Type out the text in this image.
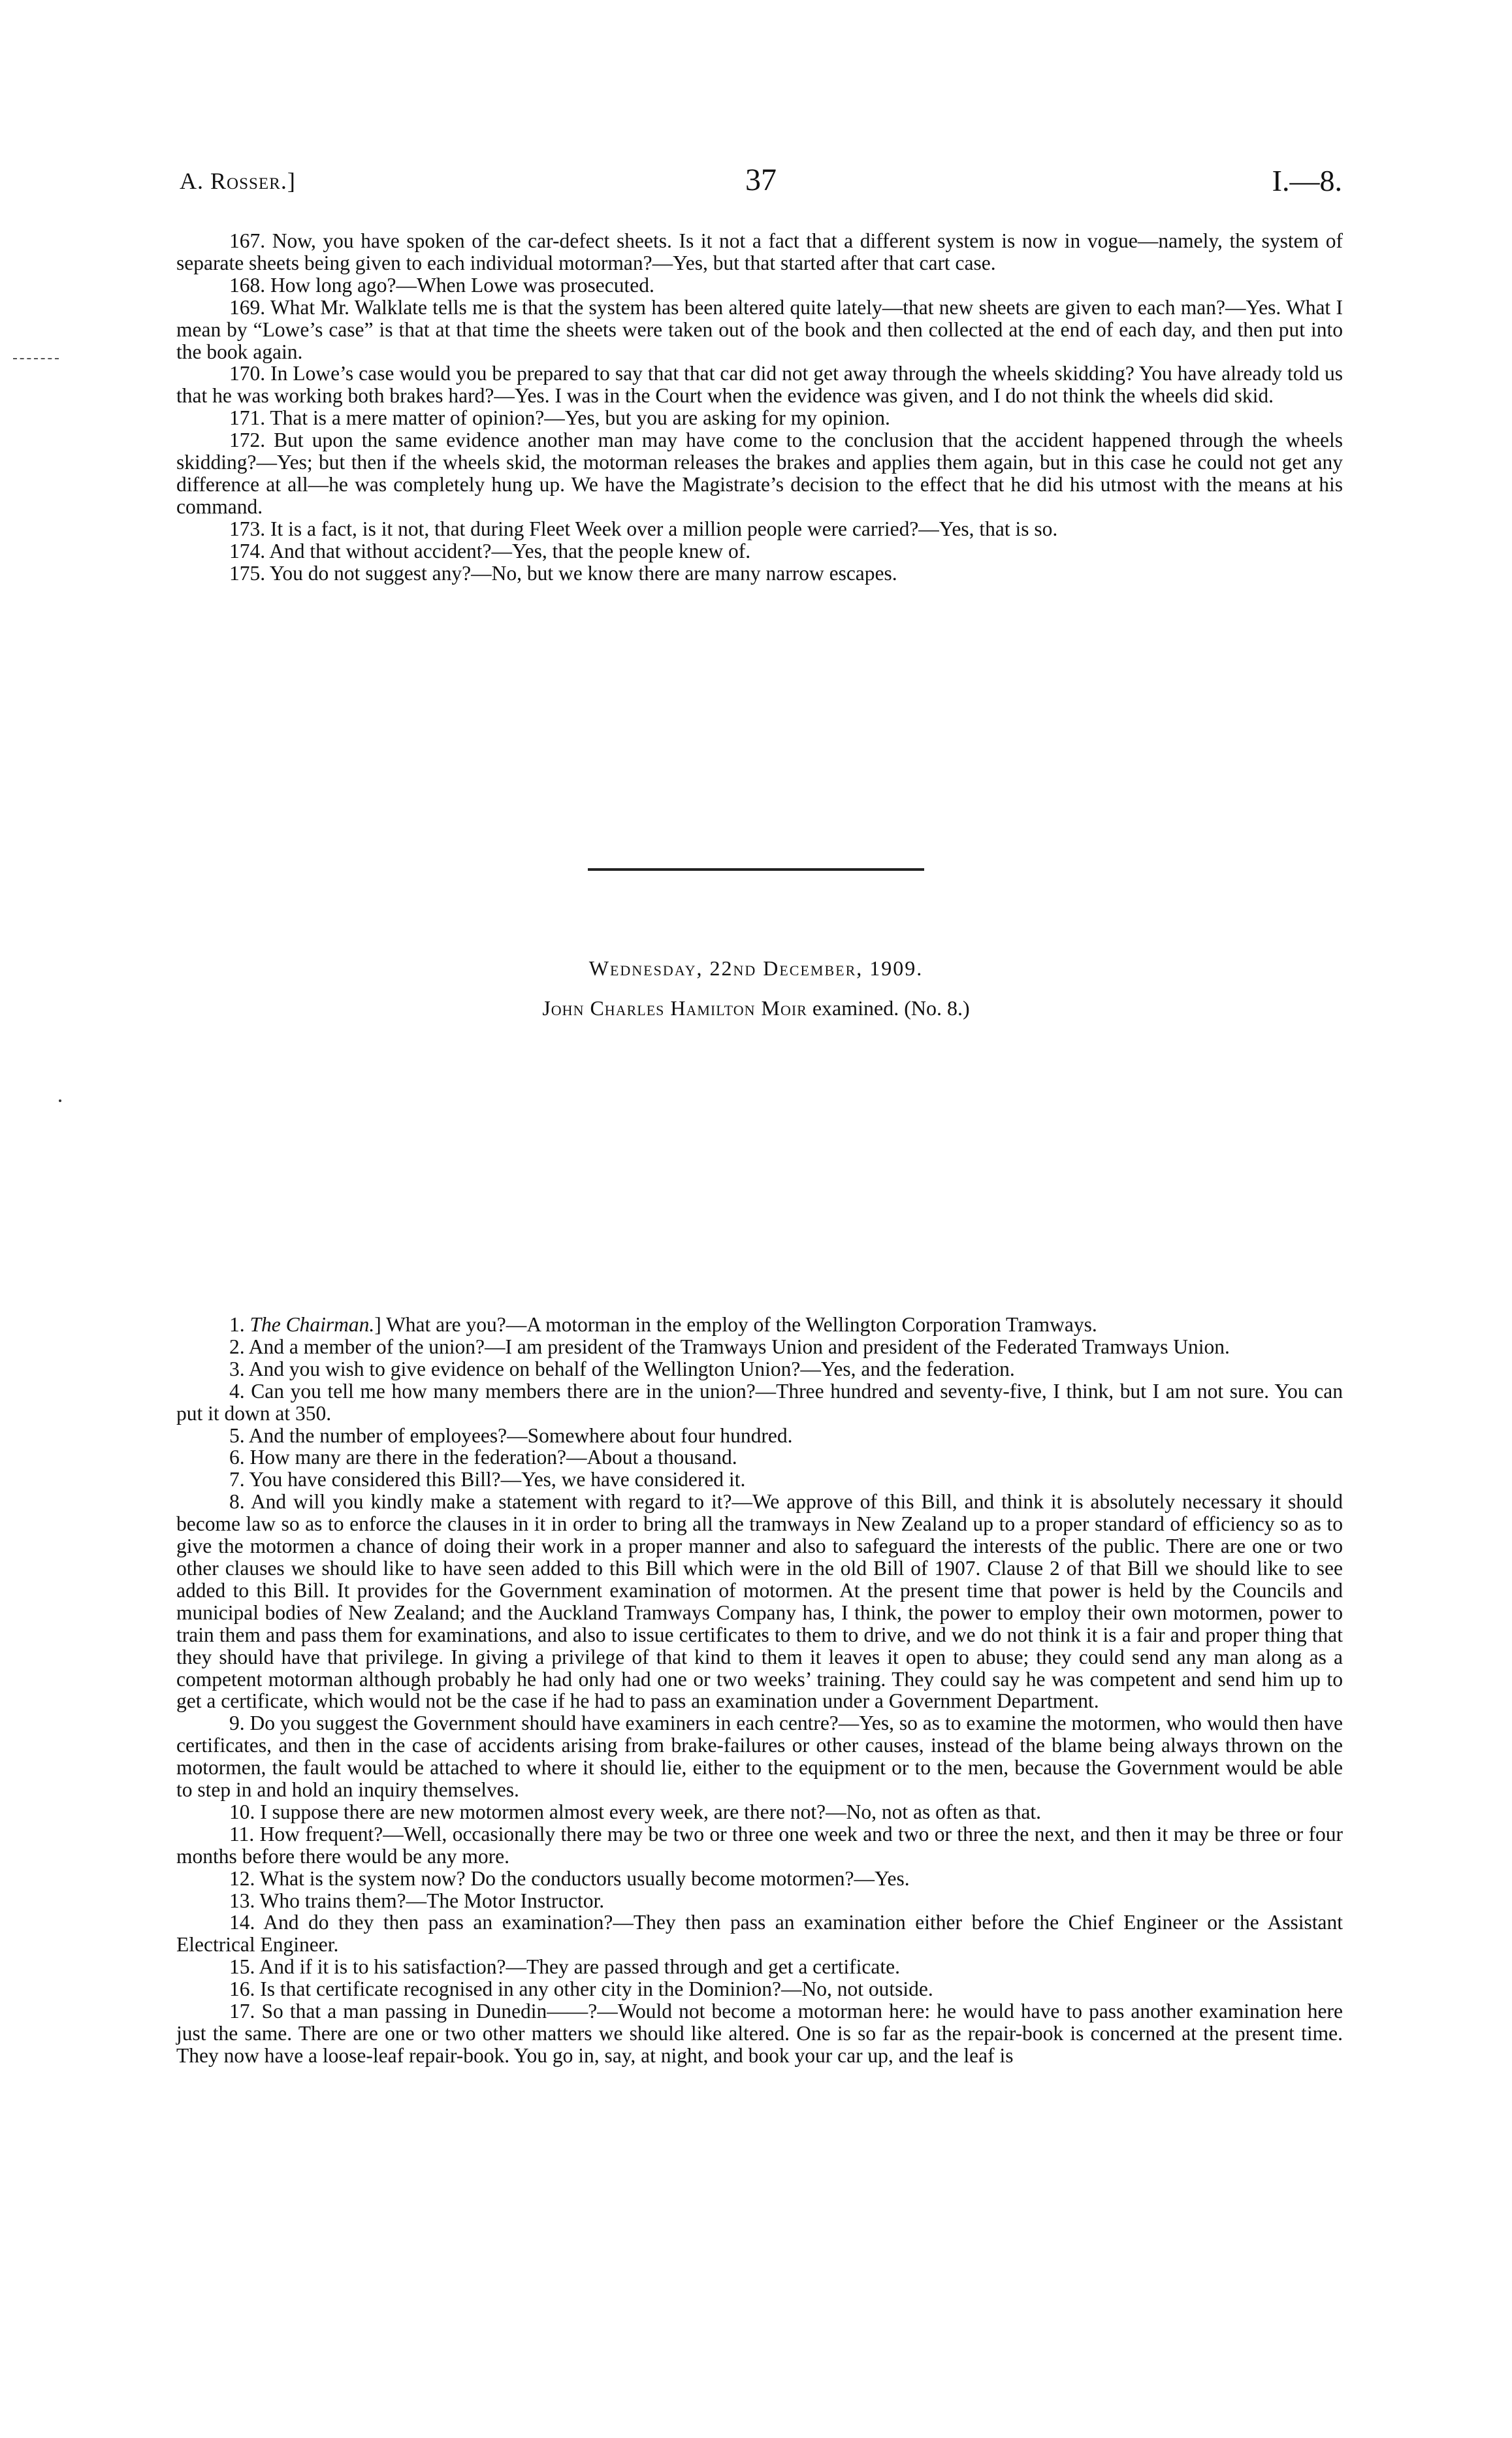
A. Rosser.]	37	I.—8.

167. Now, you have spoken of the car-defect sheets. Is it not a fact that a different system is now in vogue—namely, the system of separate sheets being given to each individual motorman?—Yes, but that started after that cart case.

168. How long ago?—When Lowe was prosecuted.

169. What Mr. Walklate tells me is that the system has been altered quite lately—that new sheets are given to each man?—Yes. What I mean by “Lowe’s case” is that at that time the sheets were taken out of the book and then collected at the end of each day, and then put into the book again.

170. In Lowe’s case would you be prepared to say that that car did not get away through the wheels skidding? You have already told us that he was working both brakes hard?—Yes. I was in the Court when the evidence was given, and I do not think the wheels did skid.

171. That is a mere matter of opinion?—Yes, but you are asking for my opinion.

172. But upon the same evidence another man may have come to the conclusion that the accident happened through the wheels skidding?—Yes; but then if the wheels skid, the motorman releases the brakes and applies them again, but in this case he could not get any difference at all—he was completely hung up. We have the Magistrate’s decision to the effect that he did his utmost with the means at his command.

173. It is a fact, is it not, that during Fleet Week over a million people were carried?—Yes, that is so.

174. And that without accident?—Yes, that the people knew of.

175. You do not suggest any?—No, but we know there are many narrow escapes.

Wednesday, 22nd December, 1909.
John Charles Hamilton Moir examined. (No. 8.)

1. The Chairman.] What are you?—A motorman in the employ of the Wellington Corporation Tramways.

2. And a member of the union?—I am president of the Tramways Union and president of the Federated Tramways Union.

3. And you wish to give evidence on behalf of the Wellington Union?—Yes, and the federation.

4. Can you tell me how many members there are in the union?—Three hundred and seventy-five, I think, but I am not sure. You can put it down at 350.

5. And the number of employees?—Somewhere about four hundred.

6. How many are there in the federation?—About a thousand.

7. You have considered this Bill?—Yes, we have considered it.

8. And will you kindly make a statement with regard to it?—We approve of this Bill, and think it is absolutely necessary it should become law so as to enforce the clauses in it in order to bring all the tramways in New Zealand up to a proper standard of efficiency so as to give the motormen a chance of doing their work in a proper manner and also to safeguard the interests of the public. There are one or two other clauses we should like to have seen added to this Bill which were in the old Bill of 1907. Clause 2 of that Bill we should like to see added to this Bill. It provides for the Government examination of motormen. At the present time that power is held by the Councils and municipal bodies of New Zealand; and the Auckland Tramways Company has, I think, the power to employ their own motormen, power to train them and pass them for examinations, and also to issue certificates to them to drive, and we do not think it is a fair and proper thing that they should have that privilege. In giving a privilege of that kind to them it leaves it open to abuse; they could send any man along as a competent motorman although probably he had only had one or two weeks’ training. They could say he was competent and send him up to get a certificate, which would not be the case if he had to pass an examination under a Government Department.

9. Do you suggest the Government should have examiners in each centre?—Yes, so as to examine the motormen, who would then have certificates, and then in the case of accidents arising from brake-failures or other causes, instead of the blame being always thrown on the motormen, the fault would be attached to where it should lie, either to the equipment or to the men, because the Government would be able to step in and hold an inquiry themselves.

10. I suppose there are new motormen almost every week, are there not?—No, not as often as that.

11. How frequent?—Well, occasionally there may be two or three one week and two or three the next, and then it may be three or four months before there would be any more.

12. What is the system now? Do the conductors usually become motormen?—Yes.

13. Who trains them?—The Motor Instructor.

14. And do they then pass an examination?—They then pass an examination either before the Chief Engineer or the Assistant Electrical Engineer.

15. And if it is to his satisfaction?—They are passed through and get a certificate.

16. Is that certificate recognised in any other city in the Dominion?—No, not outside.

17. So that a man passing in Dunedin——?—Would not become a motorman here: he would have to pass another examination here just the same. There are one or two other matters we should like altered. One is so far as the repair-book is concerned at the present time. They now have a loose-leaf repair-book. You go in, say, at night, and book your car up, and the leaf is
